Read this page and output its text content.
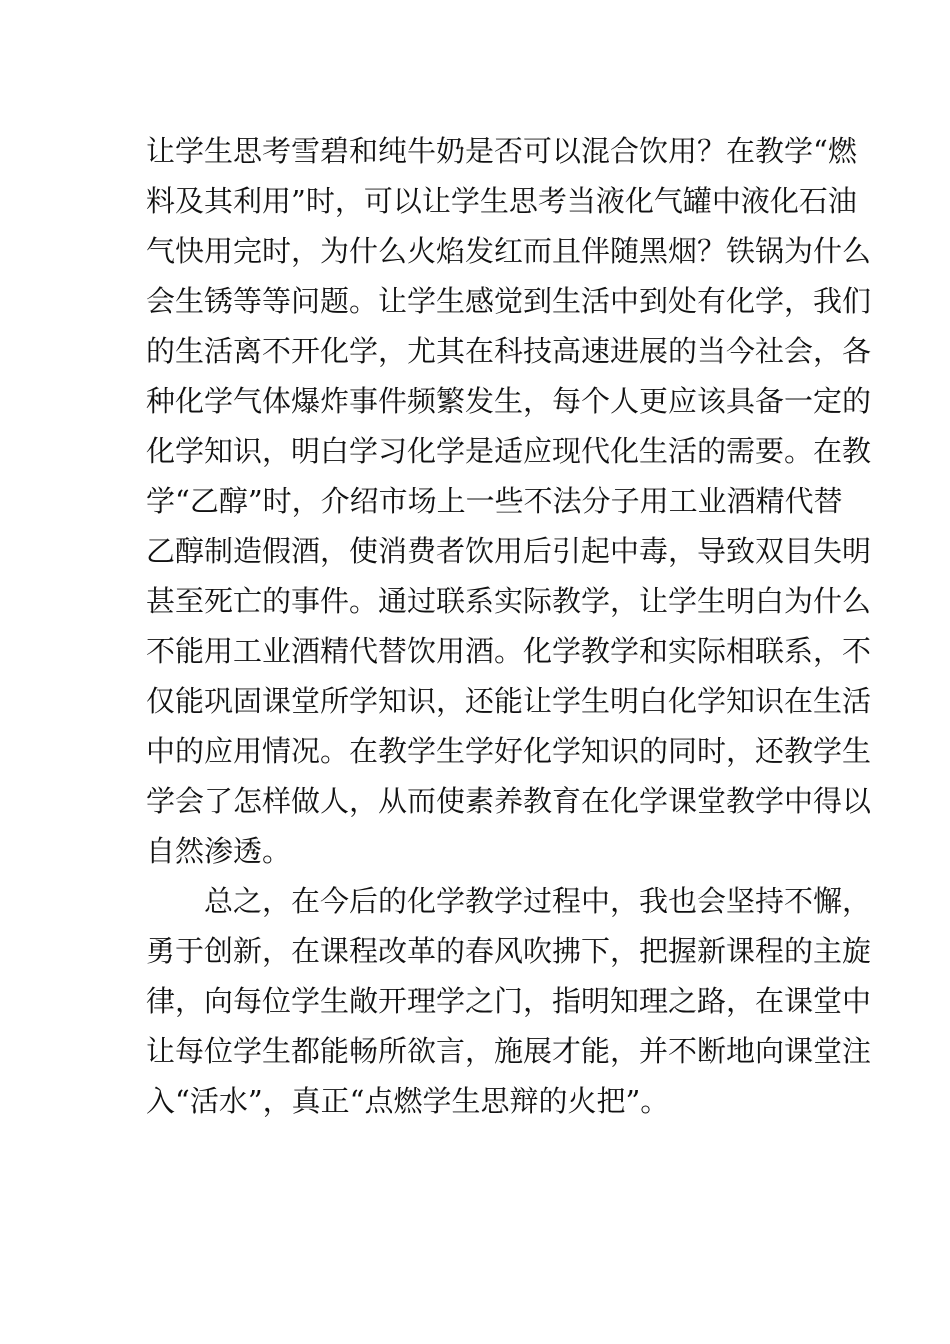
让学生思考雪碧和纯牛奶是否可以混合饮用？在教学“燃
料及其利用”时，可以让学生思考当液化气罐中液化石油
气快用完时，为什么火焰发红而且伴随黑烟？铁锅为什么
会生锈等等问题。让学生感觉到生活中到处有化学，我们
的生活离不开化学，尤其在科技高速进展的当今社会，各
种化学气体爆炸事件频繁发生，每个人更应该具备一定的
化学知识，明白学习化学是适应现代化生活的需要。在教
学“乙醇”时，介绍市场上一些不法分子用工业酒精代替
乙醇制造假酒，使消费者饮用后引起中毒，导致双目失明
甚至死亡的事件。通过联系实际教学，让学生明白为什么
不能用工业酒精代替饮用酒。化学教学和实际相联系，不
仅能巩固课堂所学知识，还能让学生明白化学知识在生活
中的应用情况。在教学生学好化学知识的同时，还教学生
学会了怎样做人，从而使素养教育在化学课堂教学中得以
自然渗透。
总之，在今后的化学教学过程中，我也会坚持不懈，
勇于创新，在课程改革的春风吹拂下，把握新课程的主旋
律，向每位学生敞开理学之门，指明知理之路，在课堂中
让每位学生都能畅所欲言，施展才能，并不断地向课堂注
入“活水”，真正“点燃学生思辩的火把”。
